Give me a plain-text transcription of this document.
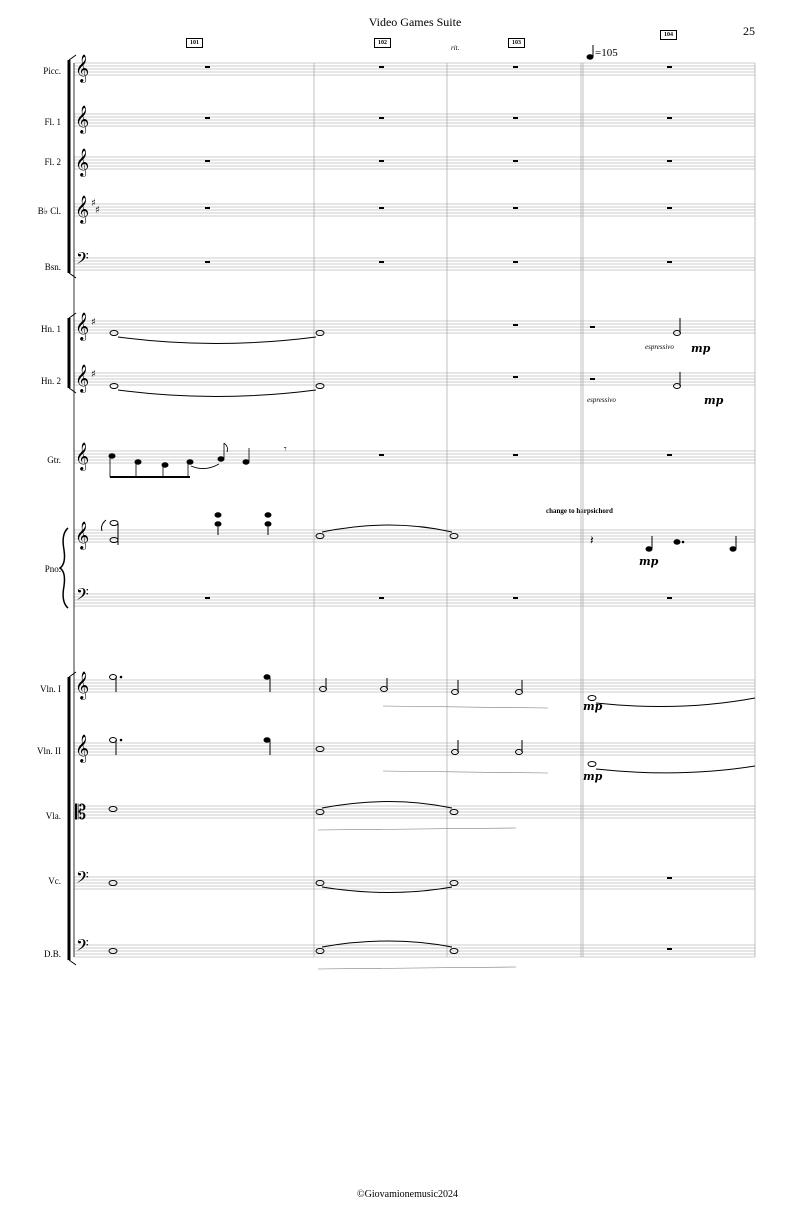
Video Games Suite
25
101	102	103
104
rit.	=105
Picc.
Fl. 1
Fl. 2
B♭ Cl.
Bsn.
Hn. 1
Hn. 2
Gtr.
Pno.
Vln. I
Vln. II
Vla.
Vc.
D.B.
change to harpsichord
espressivo
espressivo
mp
mp
mp
mp
mp
©Giovamionemusic2024
𝄞
𝄞
𝄞
𝄞
𝄢
𝄞
𝄞
𝄞
𝄞
𝄢
𝄞
𝄞
𝄡
𝄢
𝄢
♯
♯
♯
♯
𝄾
𝄽
